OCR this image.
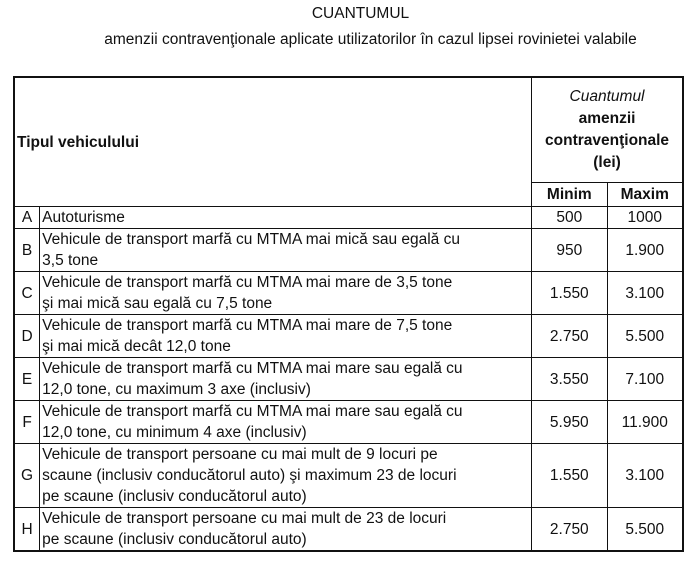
CUANTUMUL
amenzii contravenţionale aplicate utilizatorilor în cazul lipsei rovinietei valabile
Tipul vehiculului		Cuantumul
amenzii
contravenţionale
(lei)	

		Minim	Maxim
A	Autoturisme	500	1000
B	Vehicule de transport marfă cu MTMA mai mică sau egală cu
3,5 tone	950	1.900
C	Vehicule de transport marfă cu MTMA mai mare de 3,5 tone
şi mai mică sau egală cu 7,5 tone	1.550	3.100
D	Vehicule de transport marfă cu MTMA mai mare de 7,5 tone
şi mai mică decât 12,0 tone	2.750	5.500
E	Vehicule de transport marfă cu MTMA mai mare sau egală cu
12,0 tone, cu maximum 3 axe (inclusiv)	3.550	7.100
F	Vehicule de transport marfă cu MTMA mai mare sau egală cu
12,0 tone, cu minimum 4 axe (inclusiv)	5.950	11.900
G	Vehicule de transport persoane cu mai mult de 9 locuri pe
scaune (inclusiv conducătorul auto) şi maximum 23 de locuri
pe scaune (inclusiv conducătorul auto)	1.550	3.100
H	Vehicule de transport persoane cu mai mult de 23 de locuri
pe scaune (inclusiv conducătorul auto)	2.750	5.500
